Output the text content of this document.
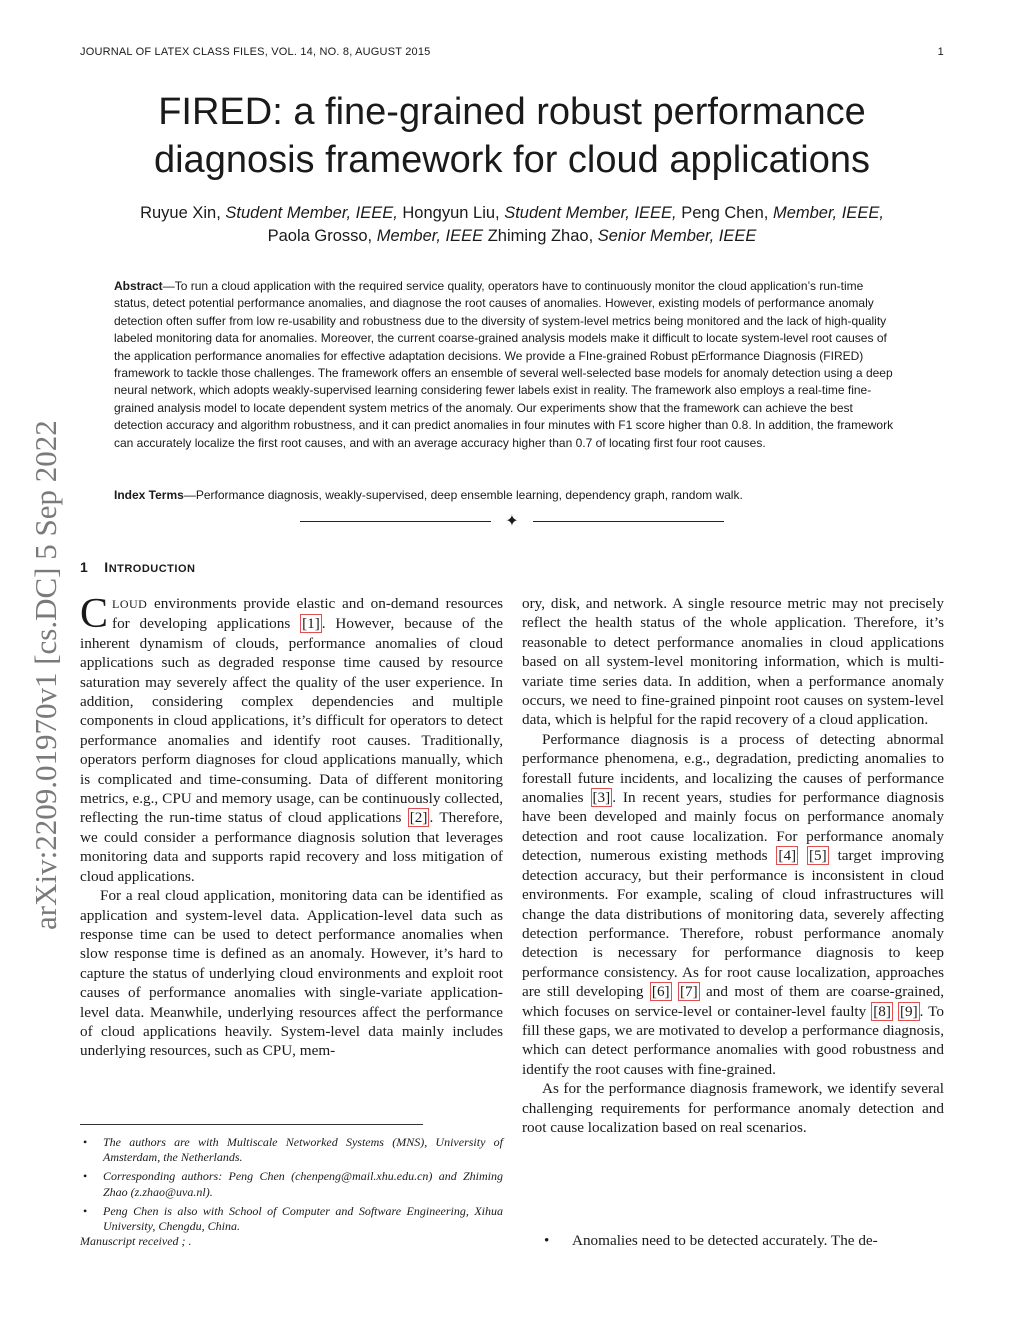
JOURNAL OF LATEX CLASS FILES, VOL. 14, NO. 8, AUGUST 2015	1
arXiv:2209.01970v1 [cs.DC] 5 Sep 2022
FIRED: a fine-grained robust performance
diagnosis framework for cloud applications
Ruyue Xin, Student Member, IEEE, Hongyun Liu, Student Member, IEEE, Peng Chen, Member, IEEE,
Paola Grosso, Member, IEEE Zhiming Zhao, Senior Member, IEEE
Abstract—To run a cloud application with the required service quality, operators have to continuously monitor the cloud application’s run-time status, detect potential performance anomalies, and diagnose the root causes of anomalies. However, existing models of performance anomaly detection often suffer from low re-usability and robustness due to the diversity of system-level metrics being monitored and the lack of high-quality labeled monitoring data for anomalies. Moreover, the current coarse-grained analysis models make it difficult to locate system-level root causes of the application performance anomalies for effective adaptation decisions. We provide a FIne-grained Robust pErformance Diagnosis (FIRED) framework to tackle those challenges. The framework offers an ensemble of several well-selected base models for anomaly detection using a deep neural network, which adopts weakly-supervised learning considering fewer labels exist in reality. The framework also employs a real-time fine-grained analysis model to locate dependent system metrics of the anomaly. Our experiments show that the framework can achieve the best detection accuracy and algorithm robustness, and it can predict anomalies in four minutes with F1 score higher than 0.8. In addition, the framework can accurately localize the first root causes, and with an average accuracy higher than 0.7 of locating first four root causes.
Index Terms—Performance diagnosis, weakly-supervised, deep ensemble learning, dependency graph, random walk.
✦
1 INTRODUCTION

CLOUD environments provide elastic and on-demand resources for developing applications [1] . However, because of the inherent dynamism of clouds, performance anomalies of cloud applications such as degraded response time caused by resource saturation may severely affect the quality of the user experience. In addition, considering complex dependencies and multiple components in cloud applications, it’s difficult for operators to detect performance anomalies and identify root causes. Traditionally, operators perform diagnoses for cloud applications manually, which is complicated and time-consuming. Data of different monitoring metrics, e.g., CPU and memory usage, can be continuously collected, reflecting the run-time status of cloud applications [2] . Therefore, we could consider a performance diagnosis solution that leverages monitoring data and supports rapid recovery and loss mitigation of cloud applications.

For a real cloud application, monitoring data can be identified as application and system-level data. Application-level data such as response time can be used to detect performance anomalies when slow response time is defined as an anomaly. However, it’s hard to capture the status of underlying cloud environments and exploit root causes of performance anomalies with single-variate application-level data. Meanwhile, underlying resources affect the performance of cloud applications heavily. System-level data mainly includes underlying resources, such as CPU, mem-

ory, disk, and network. A single resource metric may not precisely reflect the health status of the whole application. Therefore, it’s reasonable to detect performance anomalies in cloud applications based on all system-level monitoring information, which is multi-variate time series data. In addition, when a performance anomaly occurs, we need to fine-grained pinpoint root causes on system-level data, which is helpful for the rapid recovery of a cloud application.

Performance diagnosis is a process of detecting abnormal performance phenomena, e.g., degradation, predicting anomalies to forestall future incidents, and localizing the causes of performance anomalies [3] . In recent years, studies for performance diagnosis have been developed and mainly focus on performance anomaly detection and root cause localization. For performance anomaly detection, numerous existing methods [4] [5] target improving detection accuracy, but their performance is inconsistent in cloud environments. For example, scaling of cloud infrastructures will change the data distributions of monitoring data, severely affecting detection performance. Therefore, robust performance anomaly detection is necessary for performance diagnosis to keep performance consistency. As for root cause localization, approaches are still developing [6] [7] and most of them are coarse-grained, which focuses on service-level or container-level faulty [8] [9] . To fill these gaps, we are motivated to develop a performance diagnosis, which can detect performance anomalies with good robustness and identify the root causes with fine-grained.

As for the performance diagnosis framework, we identify several challenging requirements for performance anomaly detection and root cause localization based on real scenarios.

• Anomalies need to be detected accurately. The de-
• The authors are with Multiscale Networked Systems (MNS), University of Amsterdam, the Netherlands.
• Corresponding authors: Peng Chen (chenpeng@mail.xhu.edu.cn) and Zhiming Zhao (z.zhao@uva.nl).
• Peng Chen is also with School of Computer and Software Engineering, Xihua University, Chengdu, China.
Manuscript received ; .
